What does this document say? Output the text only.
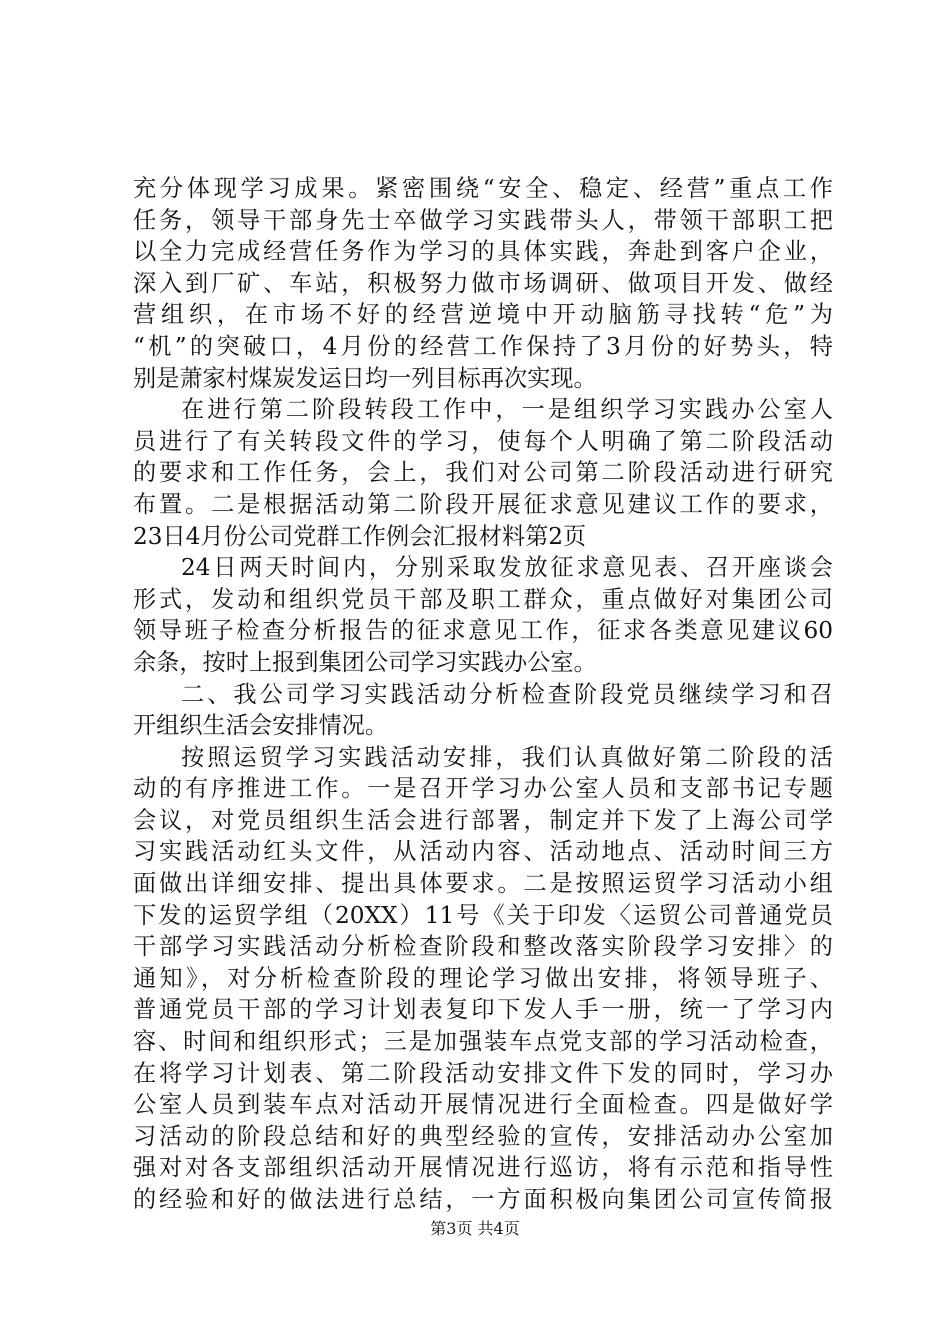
充分体现学习成果。紧密围绕“安全、稳定、经营”重点工作
任务，领导干部身先士卒做学习实践带头人，带领干部职工把
以全力完成经营任务作为学习的具体实践，奔赴到客户企业，
深入到厂矿、车站，积极努力做市场调研、做项目开发、做经
营组织，在市场不好的经营逆境中开动脑筋寻找转“危”为
“机”的突破口，4月份的经营工作保持了3月份的好势头，特
别是萧家村煤炭发运日均一列目标再次实现。
在进行第二阶段转段工作中，一是组织学习实践办公室人
员进行了有关转段文件的学习，使每个人明确了第二阶段活动
的要求和工作任务，会上，我们对公司第二阶段活动进行研究
布置。二是根据活动第二阶段开展征求意见建议工作的要求，
23日4月份公司党群工作例会汇报材料第2页
24日两天时间内，分别采取发放征求意见表、召开座谈会
形式，发动和组织党员干部及职工群众，重点做好对集团公司
领导班子检查分析报告的征求意见工作，征求各类意见建议60
余条，按时上报到集团公司学习实践办公室。
二、我公司学习实践活动分析检查阶段党员继续学习和召
开组织生活会安排情况。
按照运贸学习实践活动安排，我们认真做好第二阶段的活
动的有序推进工作。一是召开学习办公室人员和支部书记专题
会议，对党员组织生活会进行部署，制定并下发了上海公司学
习实践活动红头文件，从活动内容、活动地点、活动时间三方
面做出详细安排、提出具体要求。二是按照运贸学习活动小组
下发的运贸学组（20XX）11号《关于印发〈运贸公司普通党员
干部学习实践活动分析检查阶段和整改落实阶段学习安排〉的
通知》，对分析检查阶段的理论学习做出安排，将领导班子、
普通党员干部的学习计划表复印下发人手一册，统一了学习内
容、时间和组织形式；三是加强装车点党支部的学习活动检查，
在将学习计划表、第二阶段活动安排文件下发的同时，学习办
公室人员到装车点对活动开展情况进行全面检查。四是做好学
习活动的阶段总结和好的典型经验的宣传，安排活动办公室加
强对对各支部组织活动开展情况进行巡访，将有示范和指导性
的经验和好的做法进行总结，一方面积极向集团公司宣传简报
第3页 共4页
